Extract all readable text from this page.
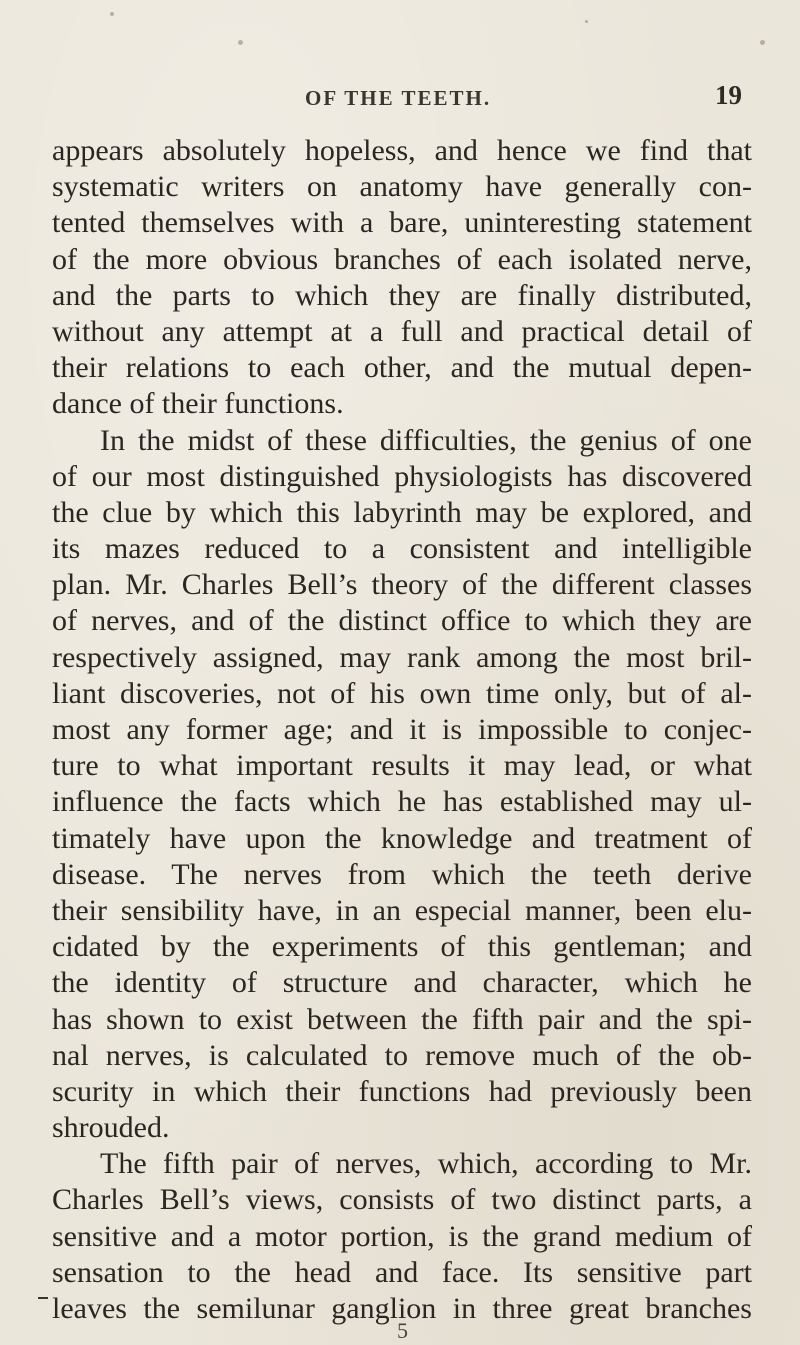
OF THE TEETH.	19
appears absolutely hopeless, and hence we find that
systematic writers on anatomy have generally con-
tented themselves with a bare, uninteresting statement
of the more obvious branches of each isolated nerve,
and the parts to which they are finally distributed,
without any attempt at a full and practical detail of
their relations to each other, and the mutual depen-
dance of their functions.
In the midst of these difficulties, the genius of one
of our most distinguished physiologists has discovered
the clue by which this labyrinth may be explored, and
its mazes reduced to a consistent and intelligible
plan. Mr. Charles Bell’s theory of the different classes
of nerves, and of the distinct office to which they are
respectively assigned, may rank among the most bril-
liant discoveries, not of his own time only, but of al-
most any former age; and it is impossible to conjec-
ture to what important results it may lead, or what
influence the facts which he has established may ul-
timately have upon the knowledge and treatment of
disease. The nerves from which the teeth derive
their sensibility have, in an especial manner, been elu-
cidated by the experiments of this gentleman; and
the identity of structure and character, which he
has shown to exist between the fifth pair and the spi-
nal nerves, is calculated to remove much of the ob-
scurity in which their functions had previously been
shrouded.
The fifth pair of nerves, which, according to Mr.
Charles Bell’s views, consists of two distinct parts, a
sensitive and a motor portion, is the grand medium of
sensation to the head and face. Its sensitive part
leaves the semilunar ganglion in three great branches
5
